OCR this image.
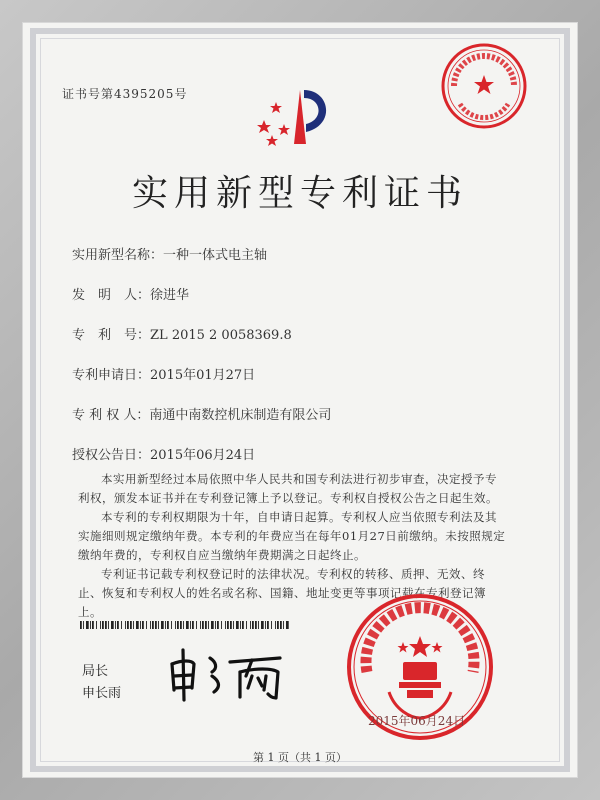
证书号第4395205号
实用新型专利证书
实用新型名称：一种一体式电主轴
发　明　人：徐进华
专　利　号：ZL 2015 2 0058369.8
专利申请日：2015年01月27日
专 利 权 人：南通中南数控机床制造有限公司
授权公告日：2015年06月24日

本实用新型经过本局依照中华人民共和国专利法进行初步审查，决定授予专利权，颁发本证书并在专利登记簿上予以登记。专利权自授权公告之日起生效。

本专利的专利权期限为十年，自申请日起算。专利权人应当依照专利法及其实施细则规定缴纳年费。本专利的年费应当在每年01月27日前缴纳。未按照规定缴纳年费的，专利权自应当缴纳年费期满之日起终止。

专利证书记载专利权登记时的法律状况。专利权的转移、质押、无效、终止、恢复和专利权人的姓名或名称、国籍、地址变更等事项记载在专利登记簿上。

局长
申长雨
2015年06月24日
第 1 页（共 1 页）
